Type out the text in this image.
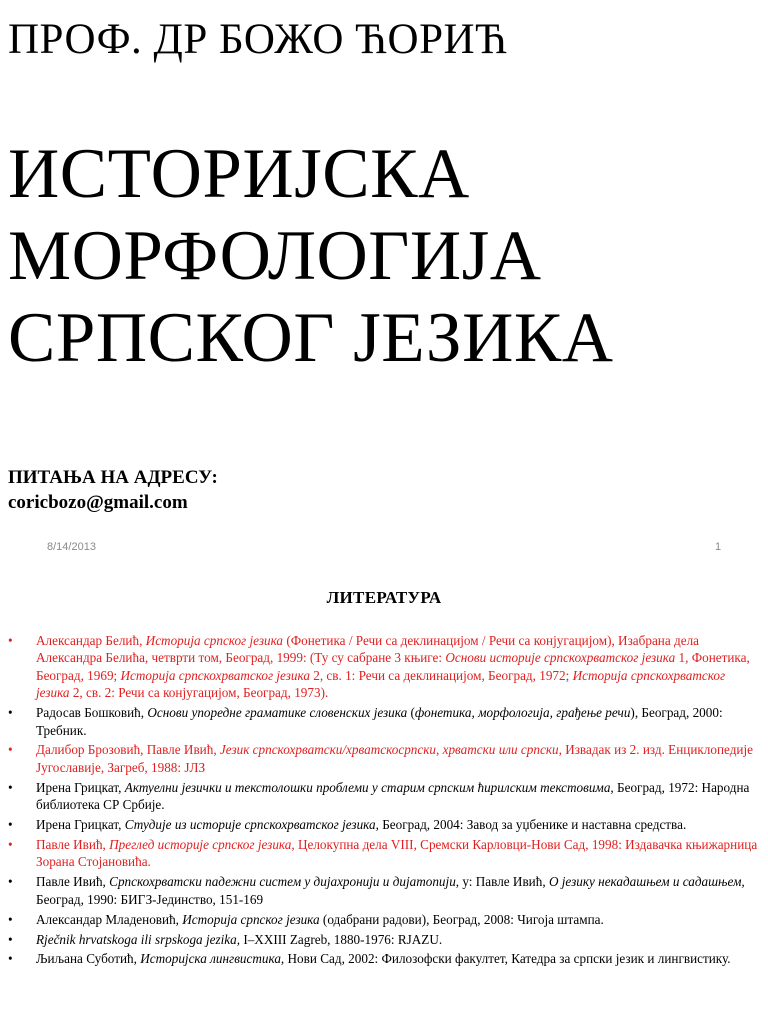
ПРОФ. ДР БОЖО ЋОРИЋ
ИСТОРИЈСКА
МОРФОЛОГИЈА
СРПСКОГ ЈЕЗИКА
ПИТАЊА НА АДРЕСУ:
coricbozo@gmail.com
8/14/2013	1
ЛИТЕРАТУРА
• Александар Белић, Историја српског језика (Фонетика / Речи са деклинацијом / Речи са конјугацијом), Изабрана дела Александра Белића, четврти том, Београд, 1999: (Ту су сабране 3 књиге: Основи историје српскохрватског језика 1, Фонетика, Београд, 1969; Историја српскохрватског језика 2, св. 1: Речи са деклинацијом, Београд, 1972; Историја српскохрватског језика 2, св. 2: Речи са конјугацијом, Београд, 1973).
• Радосав Бошковић, Основи упоредне граматике словенских језика (фонетика, морфологија, грађење речи), Београд, 2000: Требник.
• Далибор Брозовић, Павле Ивић, Језик српскохрватски/хрватскосрпски, хрватски или српски, Извадак из 2. изд. Енциклопедије Југославије, Загреб, 1988: ЈЛЗ
• Ирена Грицкат, Актуелни језички и текстолошки проблеми у старим српским ћирилским текстовима, Београд, 1972: Народна библиотека СР Србије.
• Ирена Грицкат, Студије из историје српскохрватског језика, Београд, 2004: Завод за уџбенике и наставна средства.
• Павле Ивић, Преглед историје српског језика, Целокупна дела VIII, Сремски Карловци-Нови Сад, 1998: Издавачка књижарница Зорана Стојановића.
• Павле Ивић, Српскохрватски падежни систем у дијахронији и дијатопији, у: Павле Ивић, О језику некадашњем и садашњем, Београд, 1990: БИГЗ-Јединство, 151-169
• Александар Младеновић, Историја српског језика (одабрани радови), Београд, 2008: Чигоја штампа.
• Rječnik hrvatskoga ili srpskoga jezika, I–XXIII Zagreb, 1880-1976: RJAZU.
• Љиљана Суботић, Историјска лингвистика, Нови Сад, 2002: Филозофски факултет, Катедра за српски језик и лингвистику.
